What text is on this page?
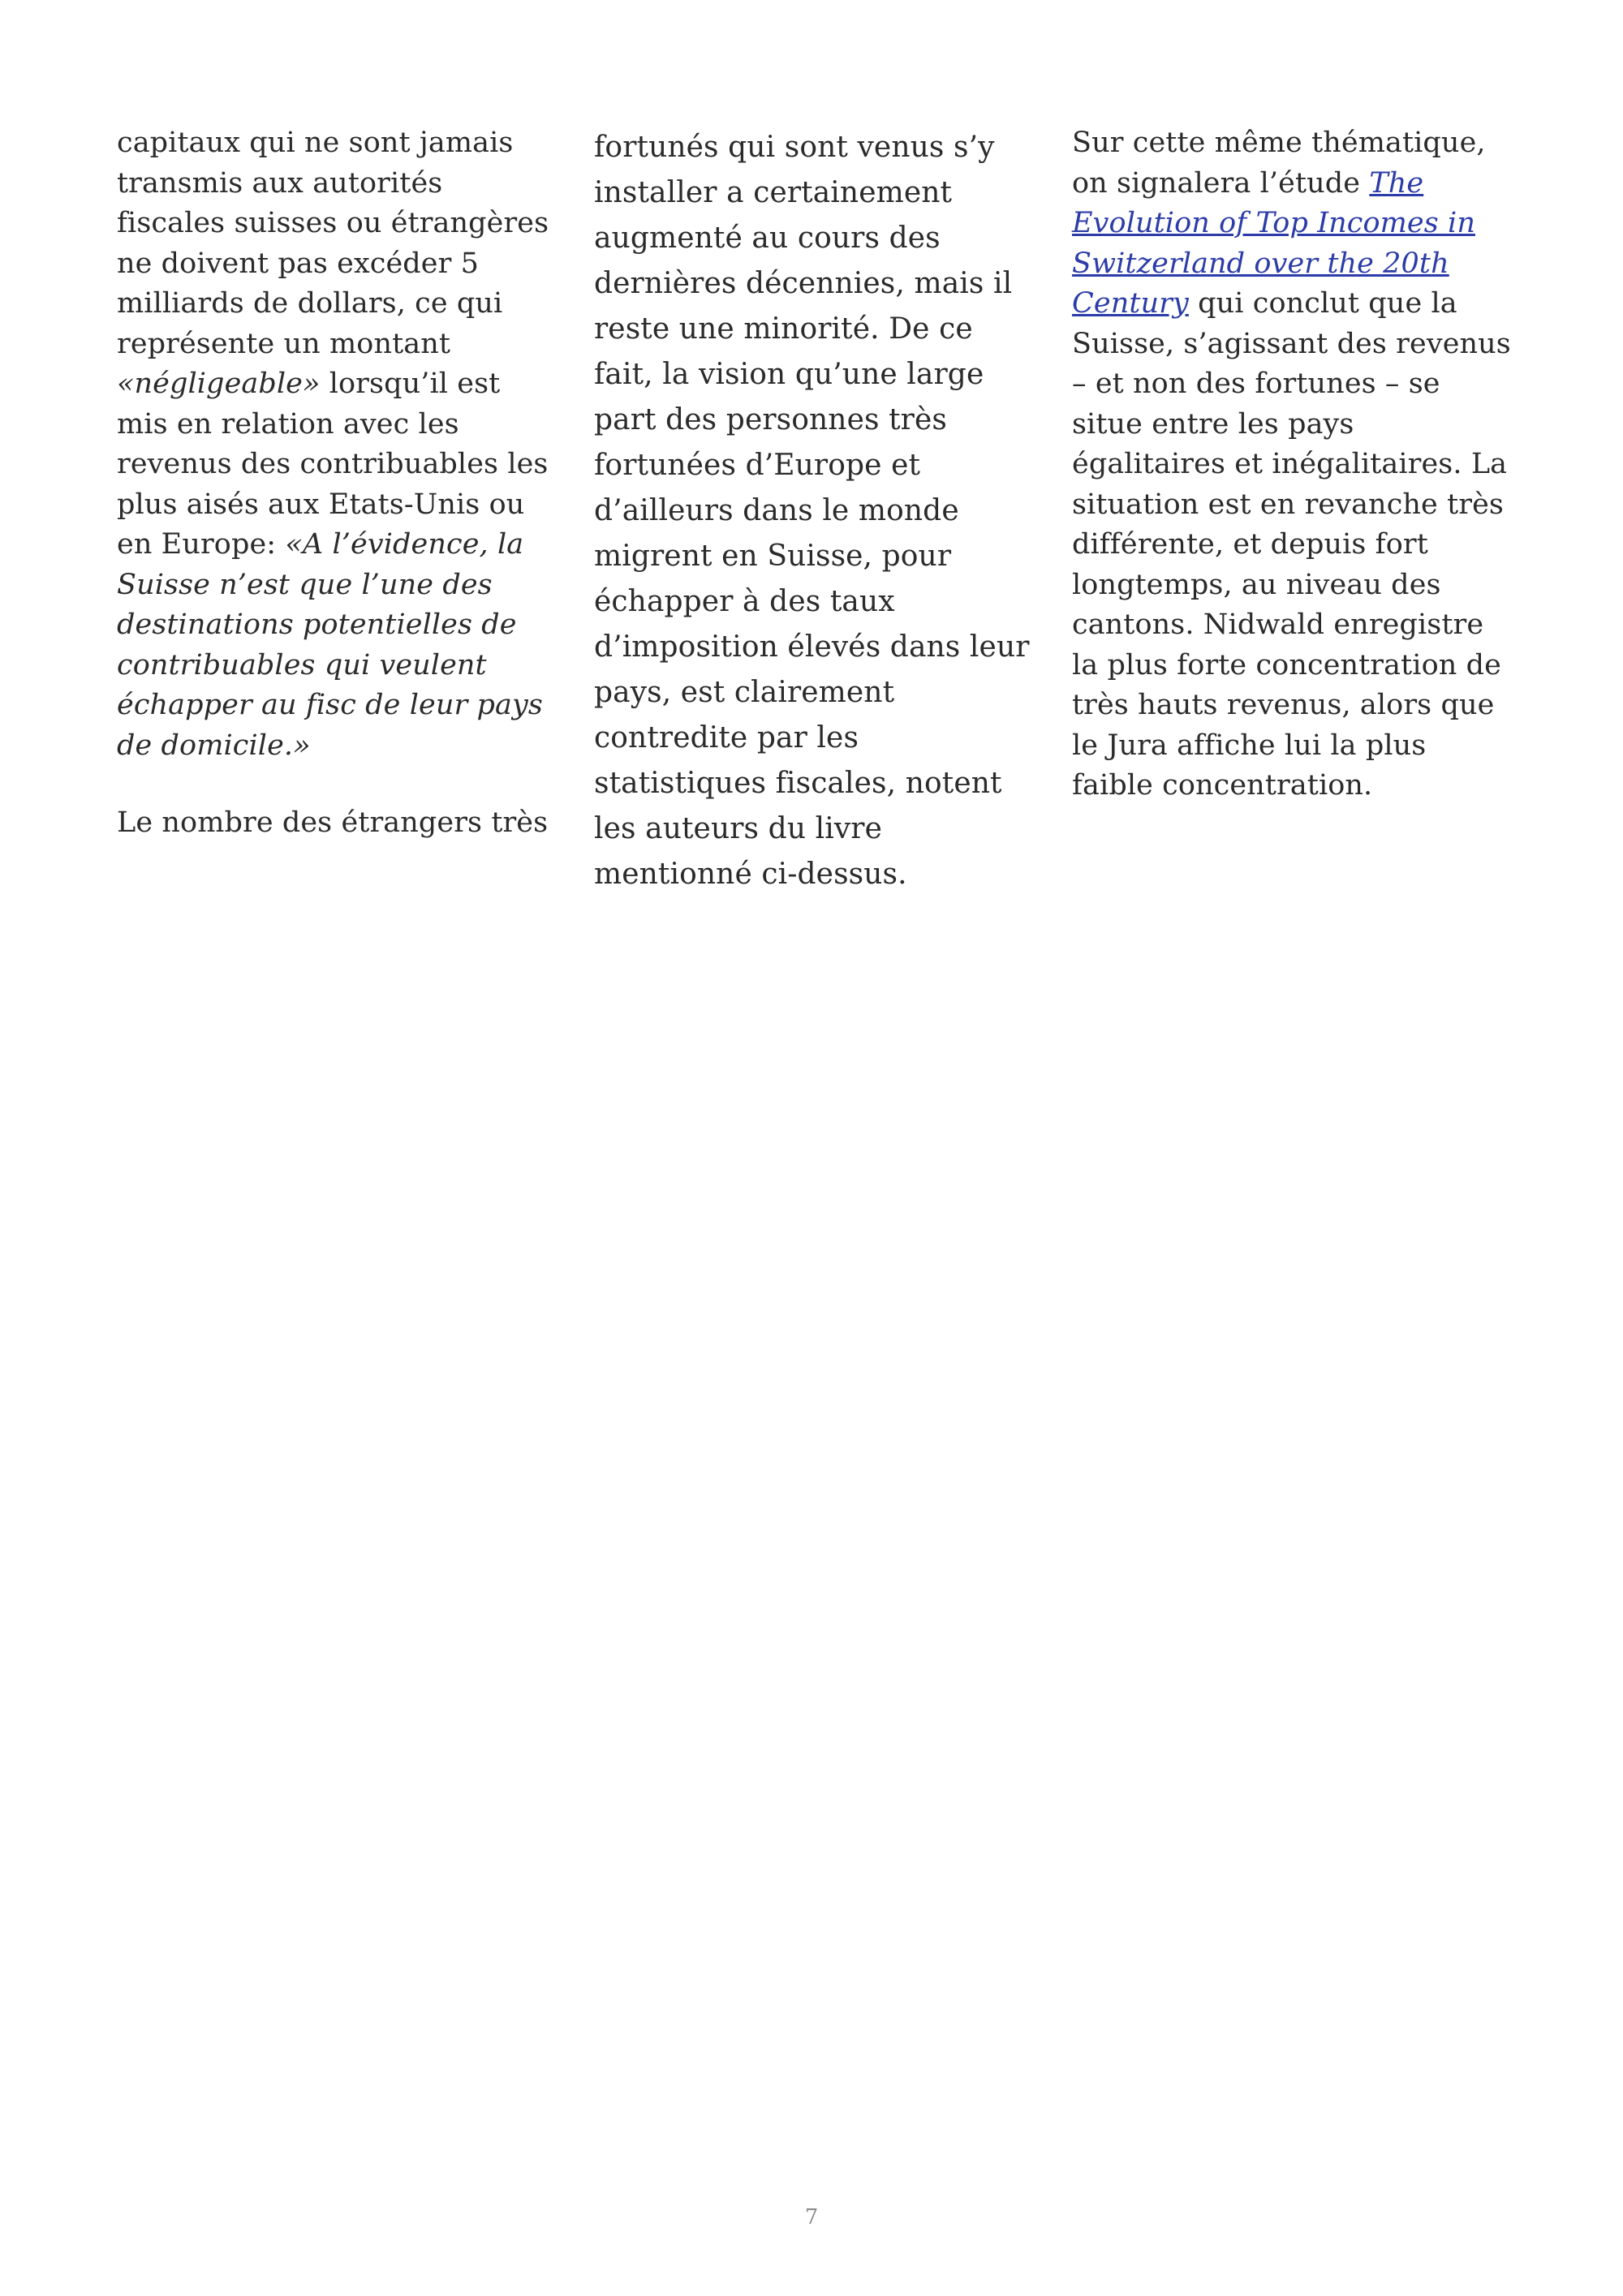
capitaux qui ne sont jamais transmis aux autorités fiscales suisses ou étrangères ne doivent pas excéder 5 milliards de dollars, ce qui représente un montant «négligeable» lorsqu’il est mis en relation avec les revenus des contribuables les plus aisés aux Etats-Unis ou en Europe: «A l’évidence, la Suisse n’est que l’une des destinations potentielles de contribuables qui veulent échapper au fisc de leur pays de domicile.»

Le nombre des étrangers très

fortunés qui sont venus s’y installer a certainement augmenté au cours des dernières décennies, mais il reste une minorité. De ce fait, la vision qu’une large part des personnes très fortunées d’Europe et d’ailleurs dans le monde migrent en Suisse, pour échapper à des taux d’imposition élevés dans leur pays, est clairement contredite par les statistiques fiscales, notent les auteurs du livre mentionné ci-dessus.

Sur cette même thématique, on signalera l’étude The Evolution of Top Incomes in Switzerland over the 20th Century qui conclut que la Suisse, s’agissant des revenus – et non des fortunes – se situe entre les pays égalitaires et inégalitaires. La situation est en revanche très différente, et depuis fort longtemps, au niveau des cantons. Nidwald enregistre la plus forte concentration de très hauts revenus, alors que le Jura affiche lui la plus faible concentration.

7
